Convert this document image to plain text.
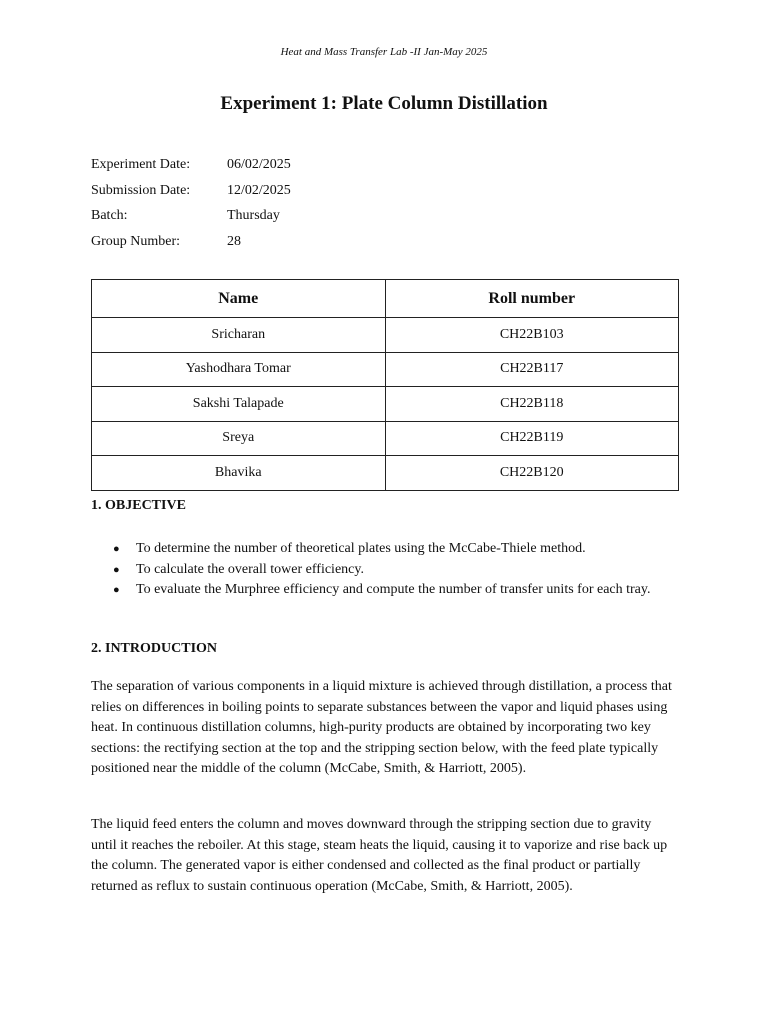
Heat and Mass Transfer Lab -II Jan-May 2025
Experiment 1: Plate Column Distillation
Experiment Date:	06/02/2025
Submission Date:	12/02/2025
Batch:	Thursday
Group Number:	28
Name	Roll number
Sricharan	CH22B103
Yashodhara Tomar	CH22B117
Sakshi Talapade	CH22B118
Sreya	CH22B119
Bhavika	CH22B120
1. OBJECTIVE
● To determine the number of theoretical plates using the McCabe-Thiele method.
● To calculate the overall tower efficiency.
● To evaluate the Murphree efficiency and compute the number of transfer units for each tray.
2. INTRODUCTION

The separation of various components in a liquid mixture is achieved through distillation, a process that relies on differences in boiling points to separate substances between the vapor and liquid phases using heat. In continuous distillation columns, high-purity products are obtained by incorporating two key sections: the rectifying section at the top and the stripping section below, with the feed plate typically positioned near the middle of the column (McCabe, Smith, & Harriott, 2005).

The liquid feed enters the column and moves downward through the stripping section due to gravity until it reaches the reboiler. At this stage, steam heats the liquid, causing it to vaporize and rise back up the column. The generated vapor is either condensed and collected as the final product or partially returned as reflux to sustain continuous operation (McCabe, Smith, & Harriott, 2005).
